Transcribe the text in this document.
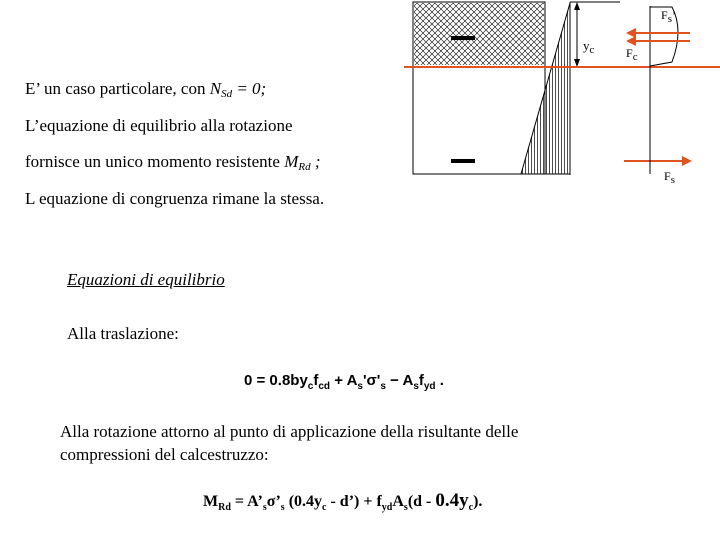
$y_c$
Fs’
Fc
Fs
E’ un caso particolare, con $N_{Sd} = 0$;
L’equazione di equilibrio alla rotazione
fornisce un unico momento resistente $M_{Rd}$ ;
L equazione di congruenza rimane la stessa.
Equazioni di equilibrio
Alla traslazione:
$0 = 0.8by_cf_{cd} + A_s'\sigma'_s - A_sf_{yd}$ .
Alla rotazione attorno al punto di applicazione della risultante delle
compressioni del calcestruzzo:
$M_{Rd}$ = $A’_s\sigma’_s$ ($0.4y_c$ - d’) + $f_{yd}A_s(d - 0.4y_c)$.
